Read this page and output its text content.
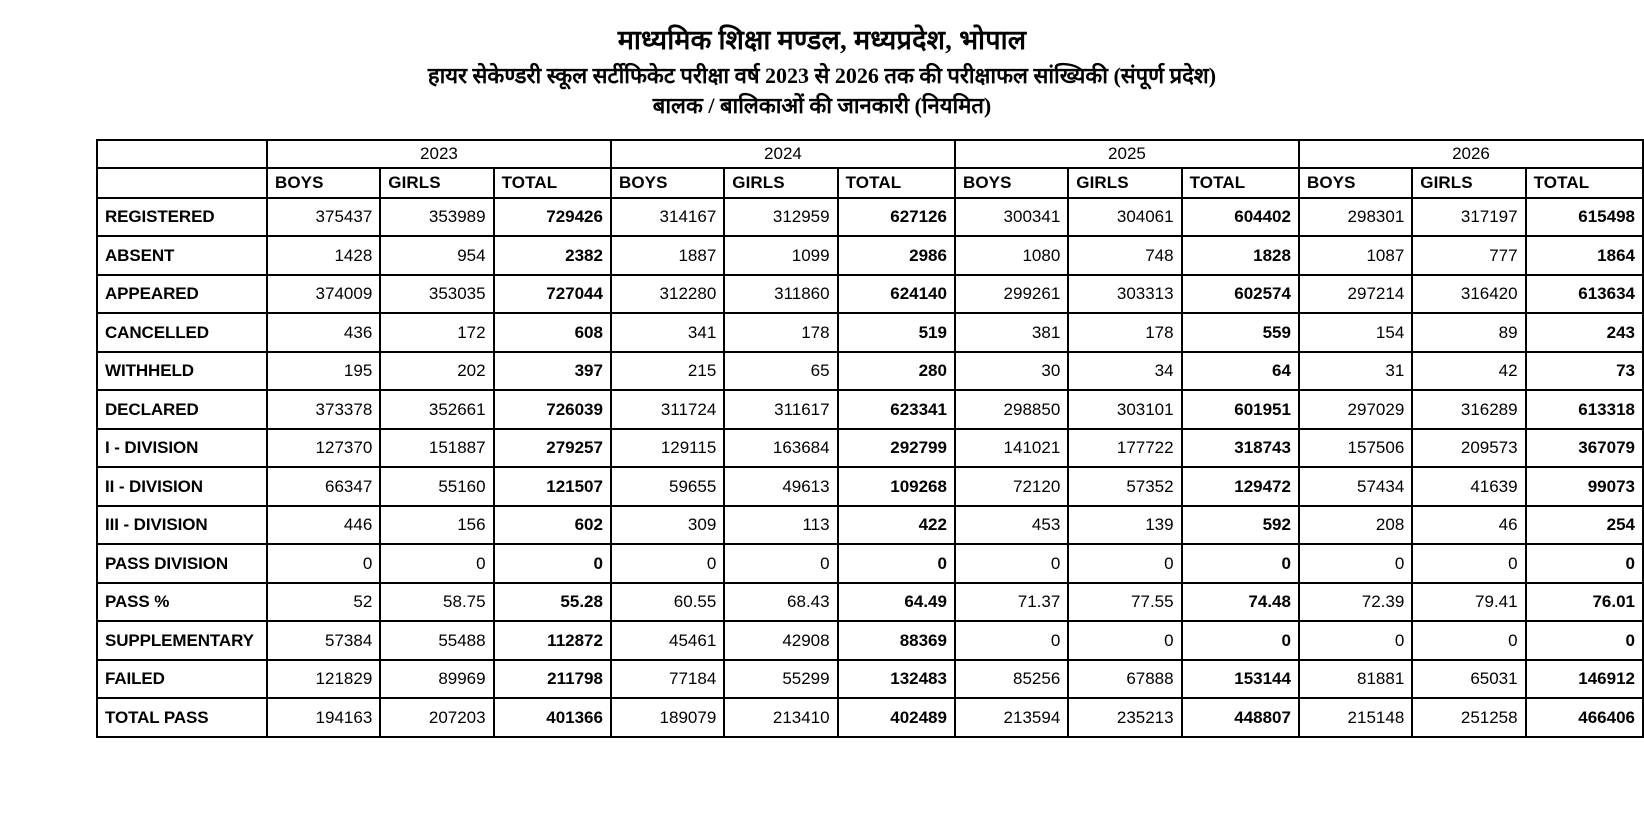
माध्यमिक शिक्षा मण्डल, मध्यप्रदेश, भोपाल
हायर सेकेण्डरी स्कूल सर्टीफिकेट परीक्षा वर्ष 2023 से 2026 तक की परीक्षाफल सांख्यिकी (संपूर्ण प्रदेश)
बालक / बालिकाओं की जानकारी (नियमित)
	2023			2024			2025			2026		
	BOYS	GIRLS	TOTAL	BOYS	GIRLS	TOTAL	BOYS	GIRLS	TOTAL	BOYS	GIRLS	TOTAL
REGISTERED	375437	353989	729426	314167	312959	627126	300341	304061	604402	298301	317197	615498
ABSENT	1428	954	2382	1887	1099	2986	1080	748	1828	1087	777	1864
APPEARED	374009	353035	727044	312280	311860	624140	299261	303313	602574	297214	316420	613634
CANCELLED	436	172	608	341	178	519	381	178	559	154	89	243
WITHHELD	195	202	397	215	65	280	30	34	64	31	42	73
DECLARED	373378	352661	726039	311724	311617	623341	298850	303101	601951	297029	316289	613318
I - DIVISION	127370	151887	279257	129115	163684	292799	141021	177722	318743	157506	209573	367079
II - DIVISION	66347	55160	121507	59655	49613	109268	72120	57352	129472	57434	41639	99073
III - DIVISION	446	156	602	309	113	422	453	139	592	208	46	254
PASS DIVISION	0	0	0	0	0	0	0	0	0	0	0	0
PASS %	52	58.75	55.28	60.55	68.43	64.49	71.37	77.55	74.48	72.39	79.41	76.01
SUPPLEMENTARY	57384	55488	112872	45461	42908	88369	0	0	0	0	0	0
FAILED	121829	89969	211798	77184	55299	132483	85256	67888	153144	81881	65031	146912
TOTAL PASS	194163	207203	401366	189079	213410	402489	213594	235213	448807	215148	251258	466406
